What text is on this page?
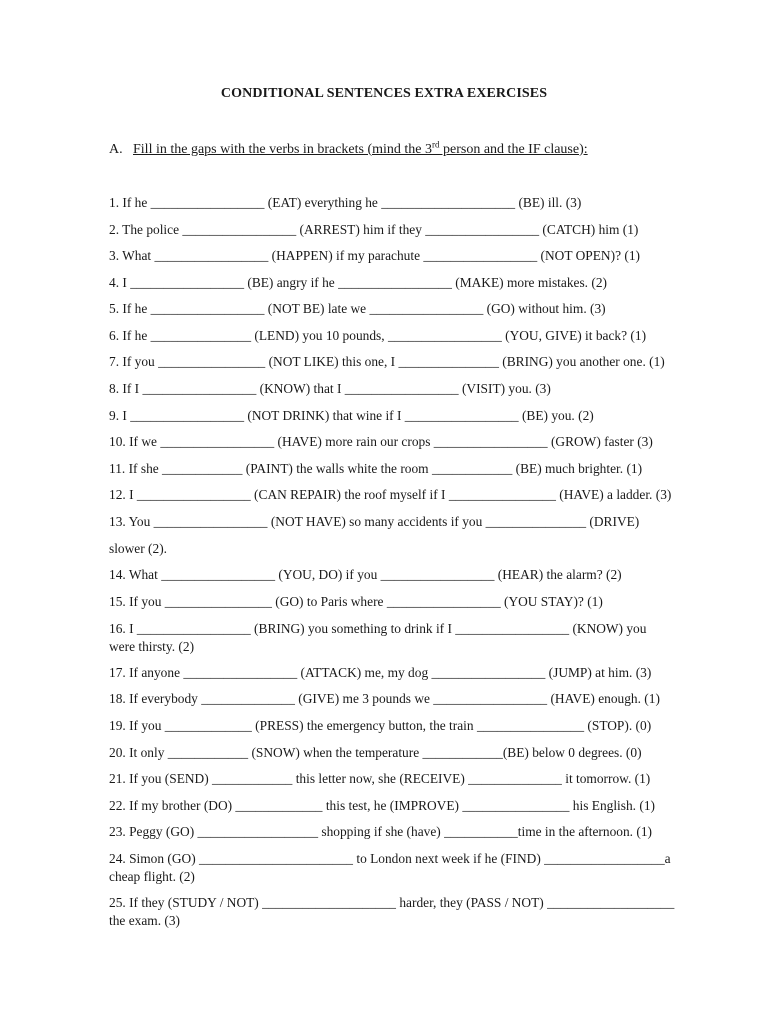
CONDITIONAL SENTENCES EXTRA EXERCISES
A. Fill in the gaps with the verbs in brackets (mind the 3rd person and the IF clause):
1. If he _________________ (EAT) everything he ____________________ (BE) ill. (3)
2. The police _________________ (ARREST) him if they _________________ (CATCH) him (1)
3. What _________________ (HAPPEN) if my parachute _________________ (NOT OPEN)? (1)
4. I _________________ (BE) angry if he _________________ (MAKE) more mistakes. (2)
5. If he _________________ (NOT BE) late we _________________ (GO) without him. (3)
6. If he _______________ (LEND) you 10 pounds, _________________ (YOU, GIVE) it back? (1)
7. If you ________________ (NOT LIKE) this one, I _______________ (BRING) you another one. (1)
8. If I _________________ (KNOW) that I _________________ (VISIT) you. (3)
9. I _________________ (NOT DRINK) that wine if I _________________ (BE) you. (2)
10. If we _________________ (HAVE) more rain our crops _________________ (GROW) faster (3)
11. If she ____________ (PAINT) the walls white the room ____________ (BE) much brighter. (1)
12. I _________________ (CAN REPAIR) the roof myself if I ________________ (HAVE) a ladder. (3)
13. You _________________ (NOT HAVE) so many accidents if you _______________ (DRIVE)
slower (2).
14. What _________________ (YOU, DO) if you _________________ (HEAR) the alarm? (2)
15. If you ________________ (GO) to Paris where _________________ (YOU STAY)? (1)
16. I _________________ (BRING) you something to drink if I _________________ (KNOW) you
were thirsty. (2)
17. If anyone _________________ (ATTACK) me, my dog _________________ (JUMP) at him. (3)
18. If everybody ______________ (GIVE) me 3 pounds we _________________ (HAVE) enough. (1)
19. If you _____________ (PRESS) the emergency button, the train ________________ (STOP). (0)
20. It only ____________ (SNOW) when the temperature ____________(BE) below 0 degrees. (0)
21. If you (SEND) ____________ this letter now, she (RECEIVE) ______________ it tomorrow. (1)
22. If my brother (DO) _____________ this test, he (IMPROVE) ________________ his English. (1)
23. Peggy (GO) __________________ shopping if she (have) ___________time in the afternoon. (1)
24. Simon (GO) _______________________ to London next week if he (FIND) __________________a
cheap flight. (2)
25. If they (STUDY / NOT) ____________________ harder, they (PASS / NOT) ___________________
the exam. (3)
